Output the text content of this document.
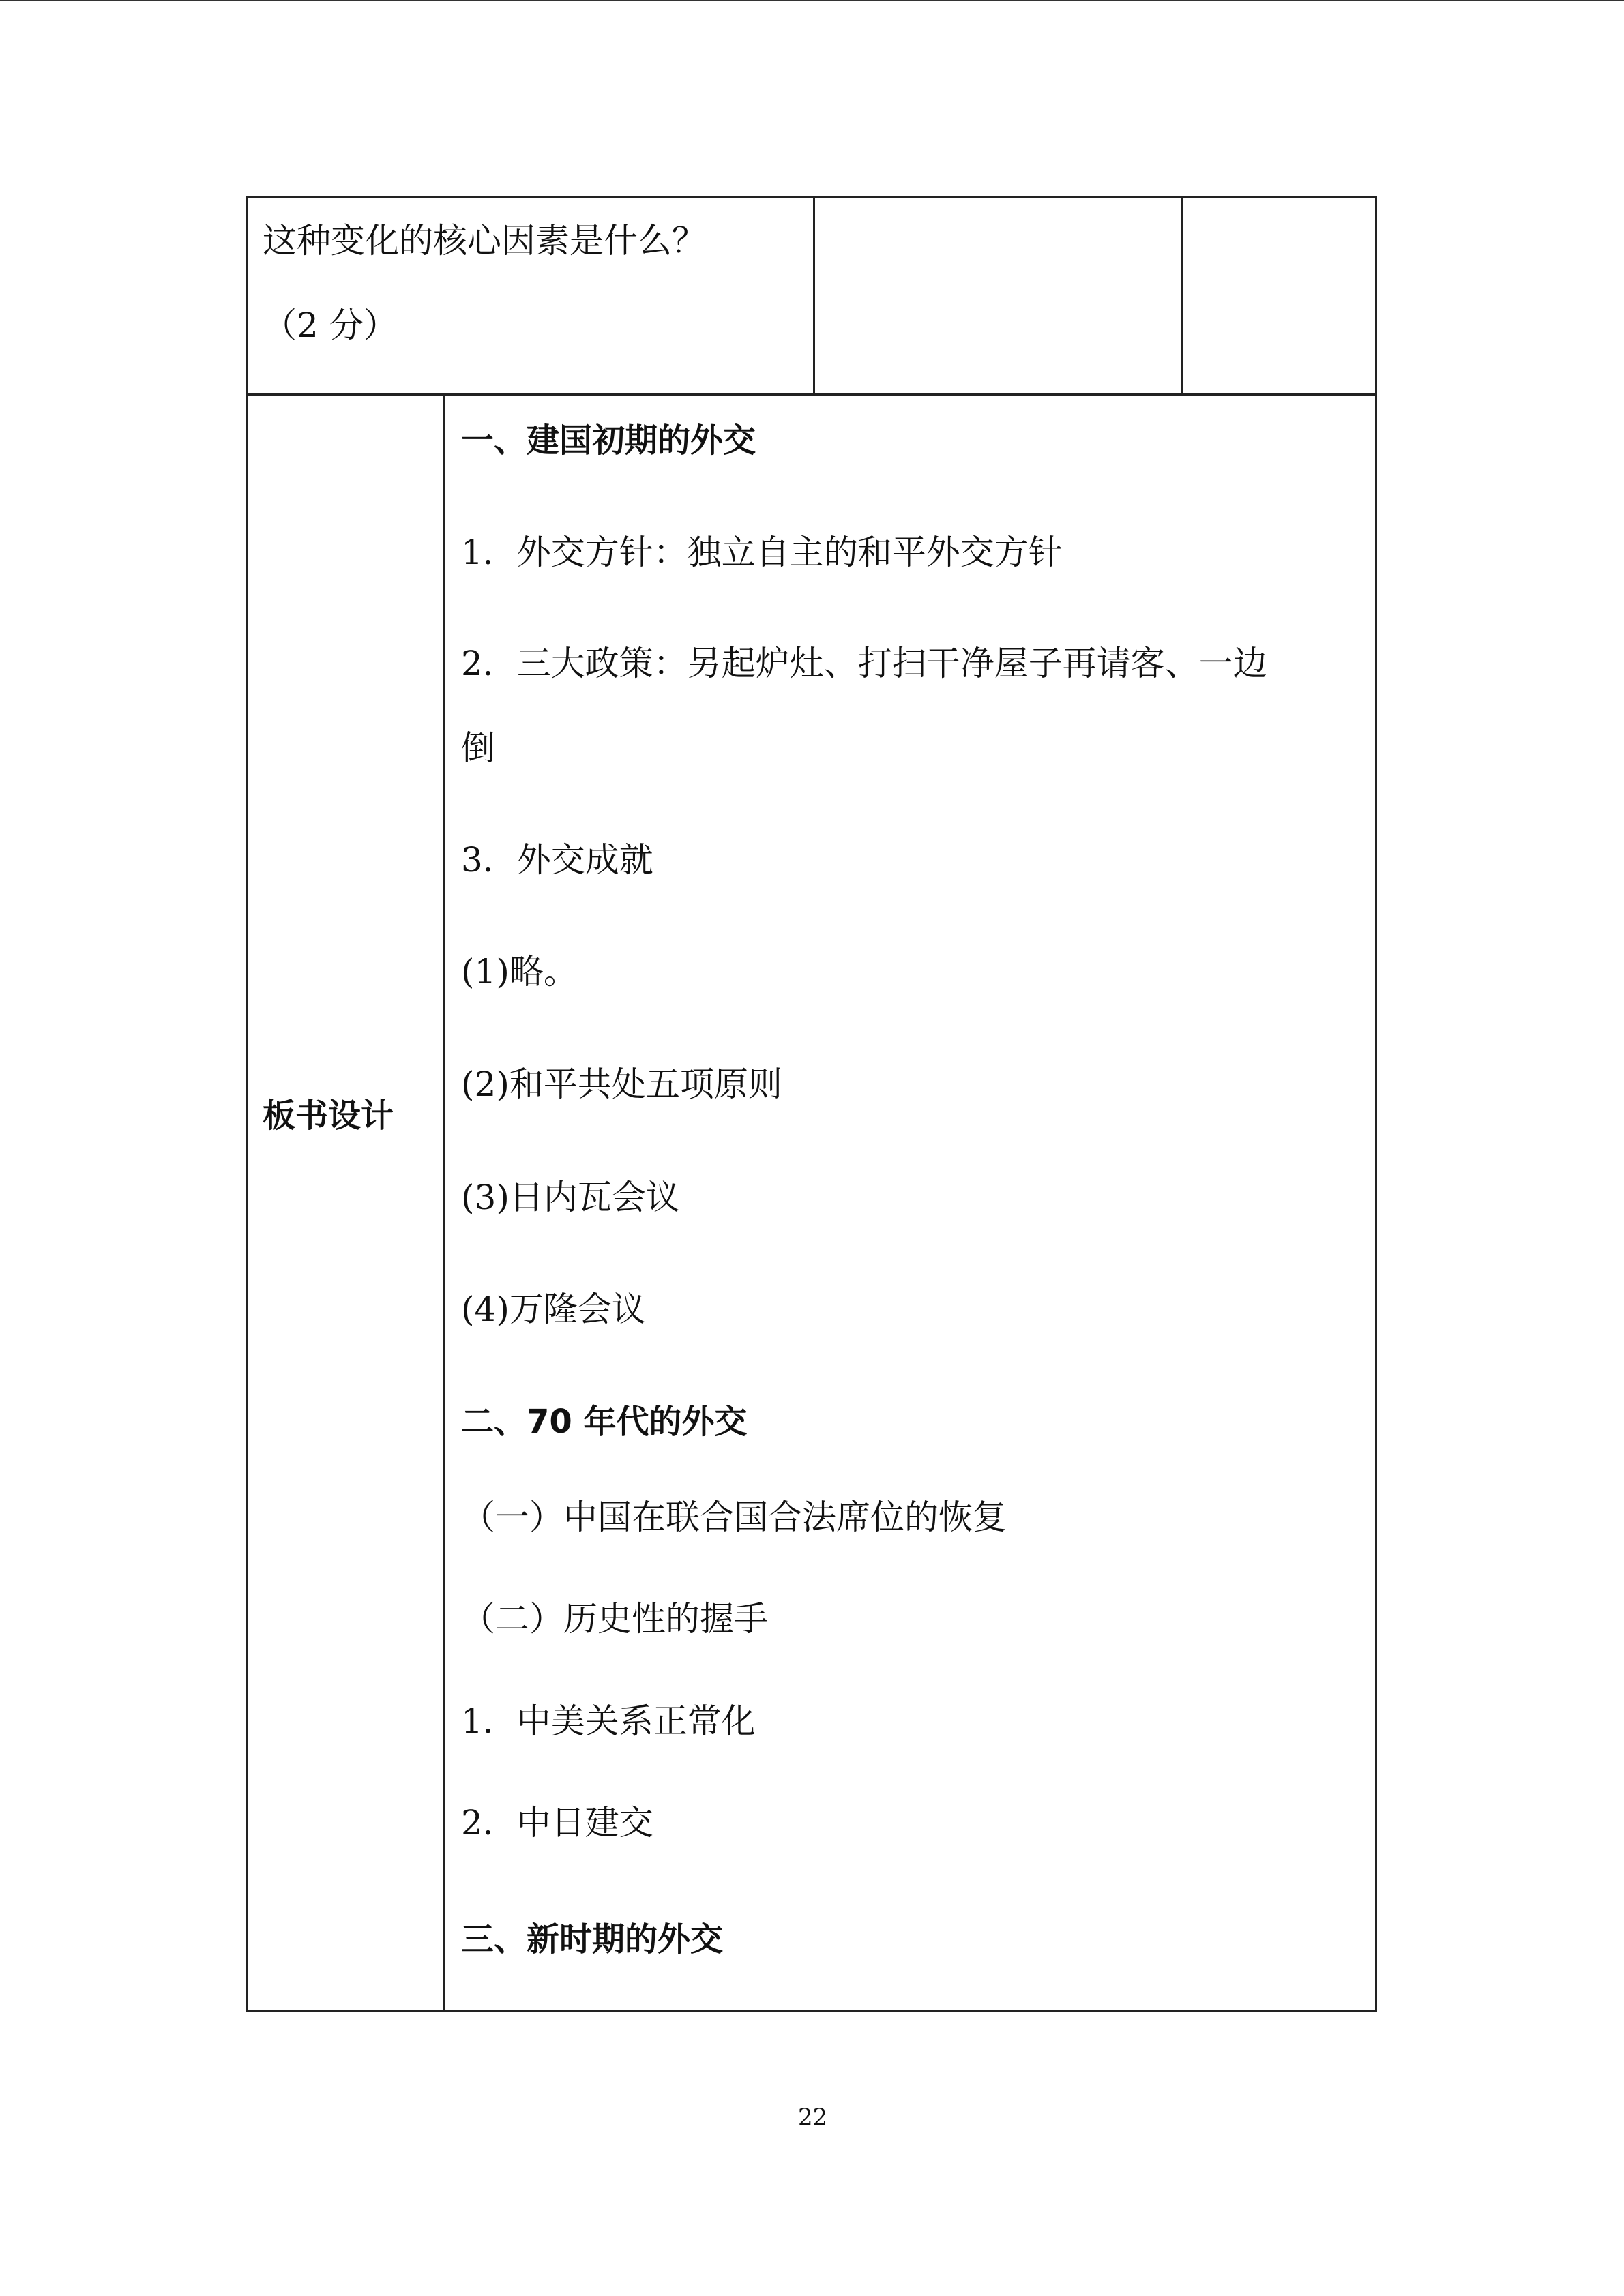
这种变化的核心因素是什么？
（2 分）
板书设计
一、建国初期的外交
1．外交方针：独立自主的和平外交方针
2．三大政策：另起炉灶、打扫干净屋子再请客、一边
倒
3．外交成就
(1)略。
(2)和平共处五项原则
(3)日内瓦会议
(4)万隆会议
二、70 年代的外交
（一）中国在联合国合法席位的恢复
（二）历史性的握手
1．中美关系正常化
2．中日建交
三、新时期的外交
22
